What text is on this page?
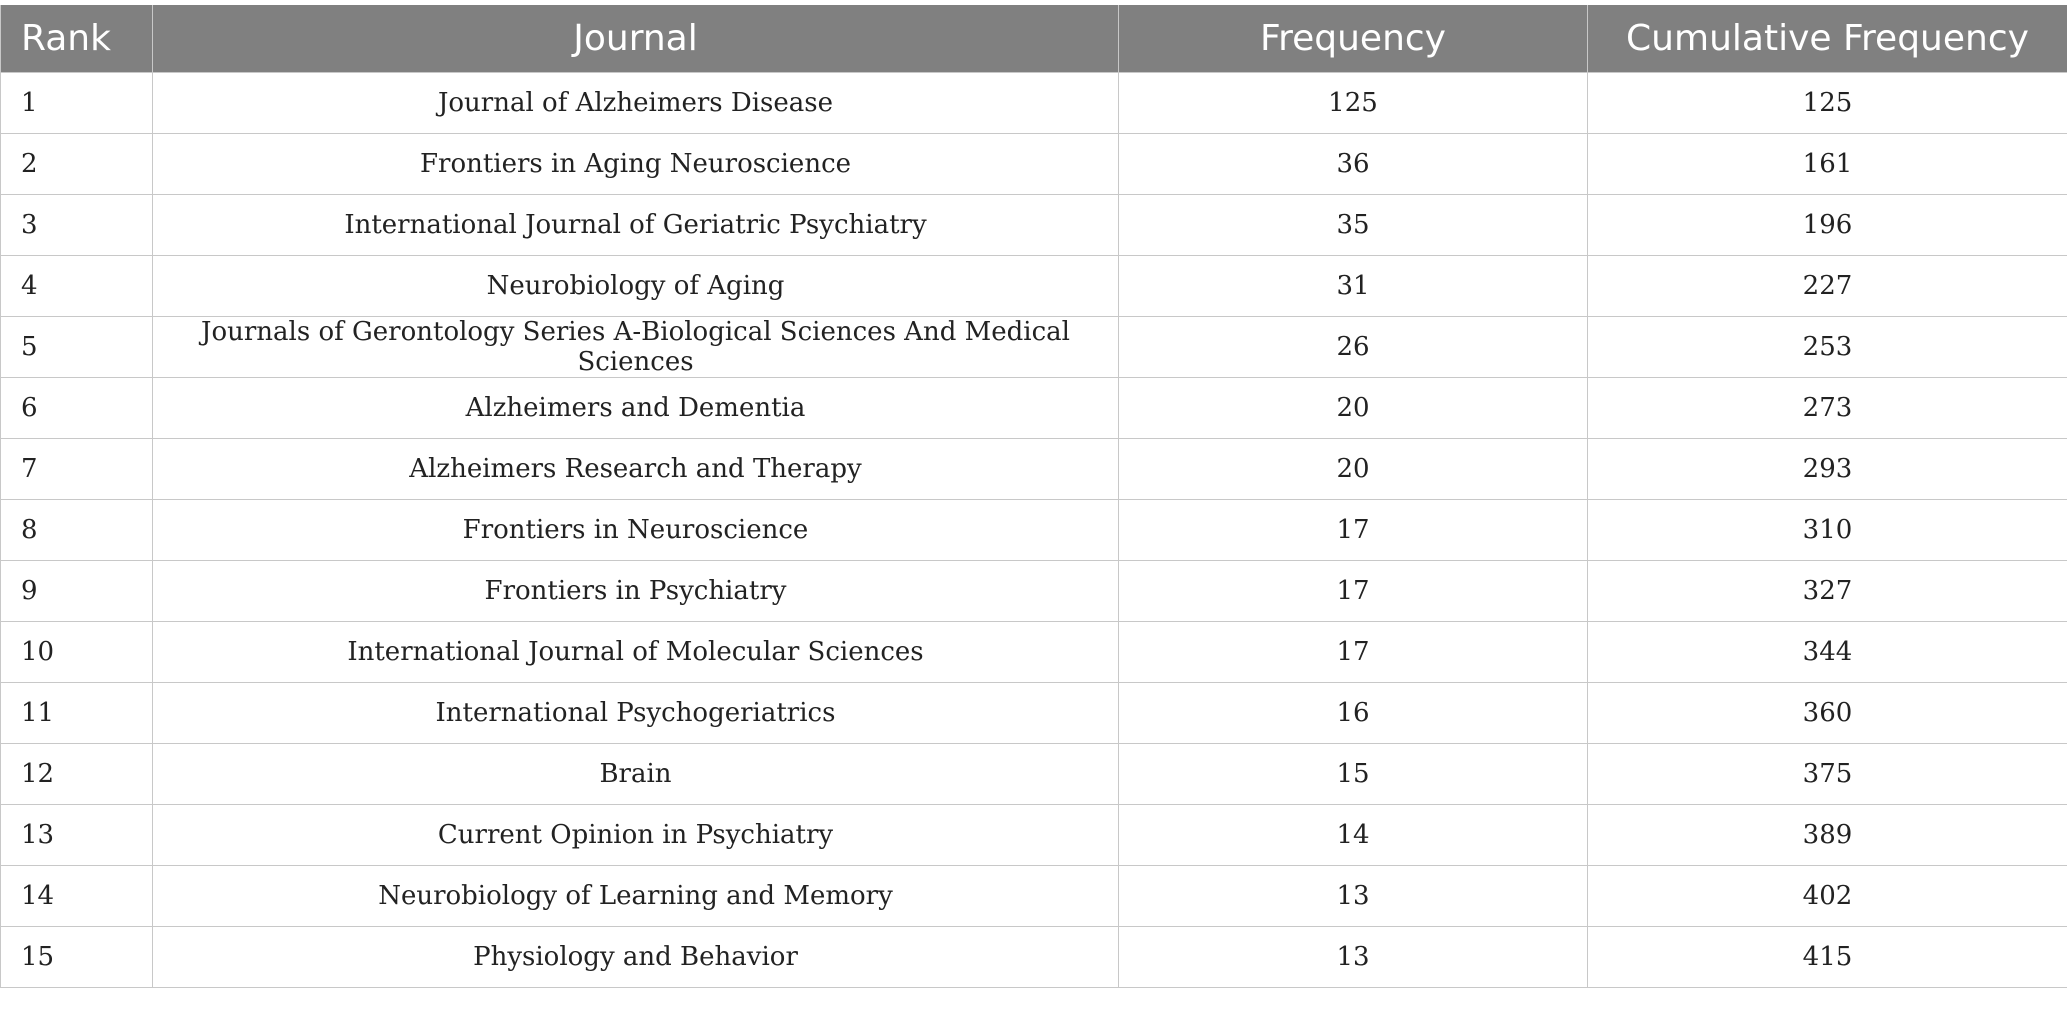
Rank	Journal	Frequency	Cumulative Frequency
1	Journal of Alzheimers Disease	125	125
2	Frontiers in Aging Neuroscience	36	161
3	International Journal of Geriatric Psychiatry	35	196
4	Neurobiology of Aging	31	227
5	Journals of Gerontology Series A-Biological Sciences And Medical Sciences	26	253
6	Alzheimers and Dementia	20	273
7	Alzheimers Research and Therapy	20	293
8	Frontiers in Neuroscience	17	310
9	Frontiers in Psychiatry	17	327
10	International Journal of Molecular Sciences	17	344
11	International Psychogeriatrics	16	360
12	Brain	15	375
13	Current Opinion in Psychiatry	14	389
14	Neurobiology of Learning and Memory	13	402
15	Physiology and Behavior	13	415
